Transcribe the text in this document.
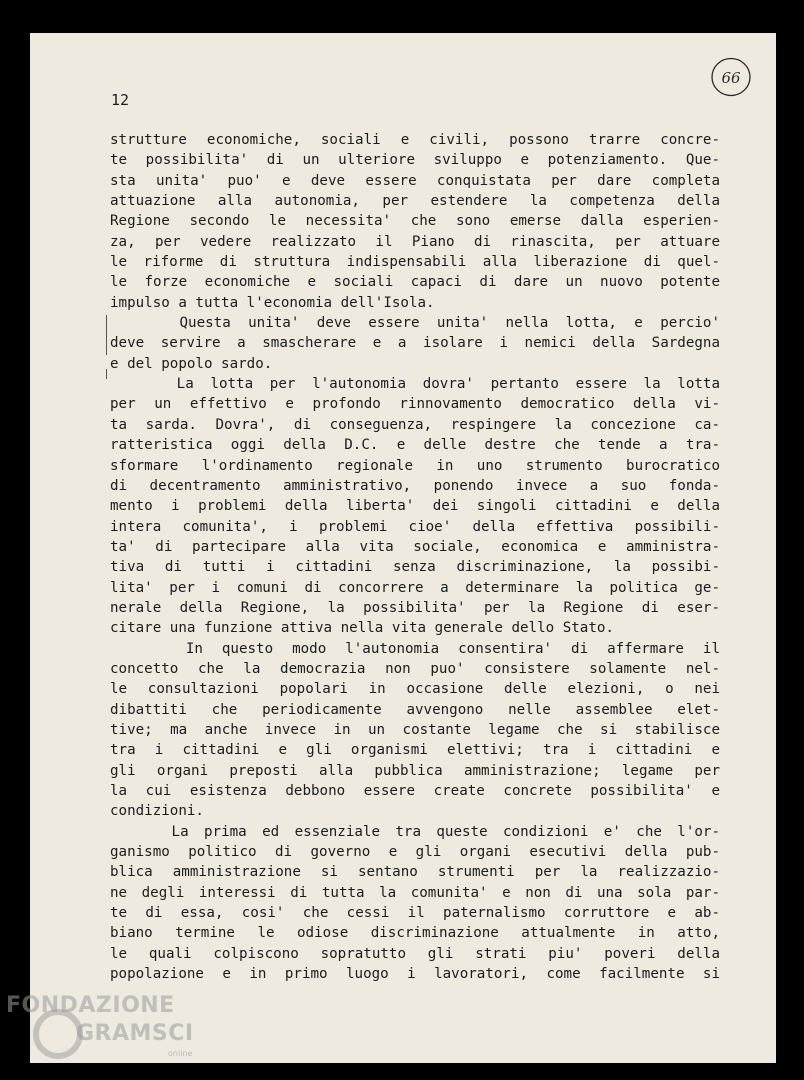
12
66
strutture economiche, sociali e civili, possono trarre concre-
te possibilita' di un ulteriore sviluppo e potenziamento. Que-
sta unita' puo' e deve essere conquistata per dare completa
attuazione alla autonomia, per estendere la competenza della
Regione secondo le necessita' che sono emerse dalla esperien-
za, per vedere realizzato il Piano di rinascita, per attuare
le riforme di struttura indispensabili alla liberazione di quel-
le forze economiche e sociali capaci di dare un nuovo potente
impulso a tutta l'economia dell'Isola.
Questa unita' deve essere unita' nella lotta, e percio'
deve servire a smascherare e a isolare i nemici della Sardegna
e del popolo sardo.
La lotta per l'autonomia dovra' pertanto essere la lotta
per un effettivo e profondo rinnovamento democratico della vi-
ta sarda. Dovra', di conseguenza, respingere la concezione ca-
ratteristica oggi della D.C. e delle destre che tende a tra-
sformare l'ordinamento regionale in uno strumento burocratico
di decentramento amministrativo, ponendo invece a suo fonda-
mento i problemi della liberta' dei singoli cittadini e della
intera comunita', i problemi cioe' della effettiva possibili-
ta' di partecipare alla vita sociale, economica e amministra-
tiva di tutti i cittadini senza discriminazione, la possibi-
lita' per i comuni di concorrere a determinare la politica ge-
nerale della Regione, la possibilita' per la Regione di eser-
citare una funzione attiva nella vita generale dello Stato.
In questo modo l'autonomia consentira' di affermare il
concetto che la democrazia non puo' consistere solamente nel-
le consultazioni popolari in occasione delle elezioni, o nei
dibattiti che periodicamente avvengono nelle assemblee elet-
tive; ma anche invece in un costante legame che si stabilisce
tra i cittadini e gli organismi elettivi; tra i cittadini e
gli organi preposti alla pubblica amministrazione; legame per
la cui esistenza debbono essere create concrete possibilita' e
condizioni.
La prima ed essenziale tra queste condizioni e' che l'or-
ganismo politico di governo e gli organi esecutivi della pub-
blica amministrazione si sentano strumenti per la realizzazio-
ne degli interessi di tutta la comunita' e non di una sola par-
te di essa, cosi' che cessi il paternalismo corruttore e ab-
biano termine le odiose discriminazione attualmente in atto,
le quali colpiscono sopratutto gli strati piu' poveri della
popolazione e in primo luogo i lavoratori, come facilmente si
FONDAZIONE
GRAMSCI
online
